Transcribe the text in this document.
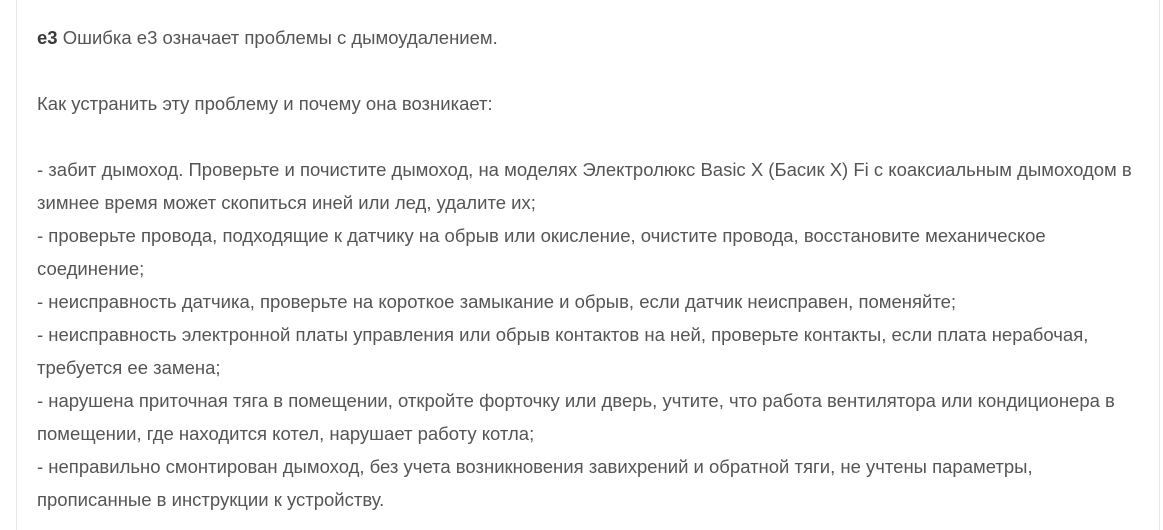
e3 Ошибка е3 означает проблемы с дымоудалением.

Как устранить эту проблему и почему она возникает:

- забит дымоход. Проверьте и почистите дымоход, на моделях Электролюкс Basic X (Басик Х) Fi с коаксиальным дымоходом в зимнее время может скопиться иней или лед, удалите их;

- проверьте провода, подходящие к датчику на обрыв или окисление, очистите провода, восстановите механическое соединение;

- неисправность датчика, проверьте на короткое замыкание и обрыв, если датчик неисправен, поменяйте;

- неисправность электронной платы управления или обрыв контактов на ней, проверьте контакты, если плата нерабочая, требуется ее замена;

- нарушена приточная тяга в помещении, откройте форточку или дверь, учтите, что работа вентилятора или кондиционера в помещении, где находится котел, нарушает работу котла;

- неправильно смонтирован дымоход, без учета возникновения завихрений и обратной тяги, не учтены параметры, прописанные в инструкции к устройству.
